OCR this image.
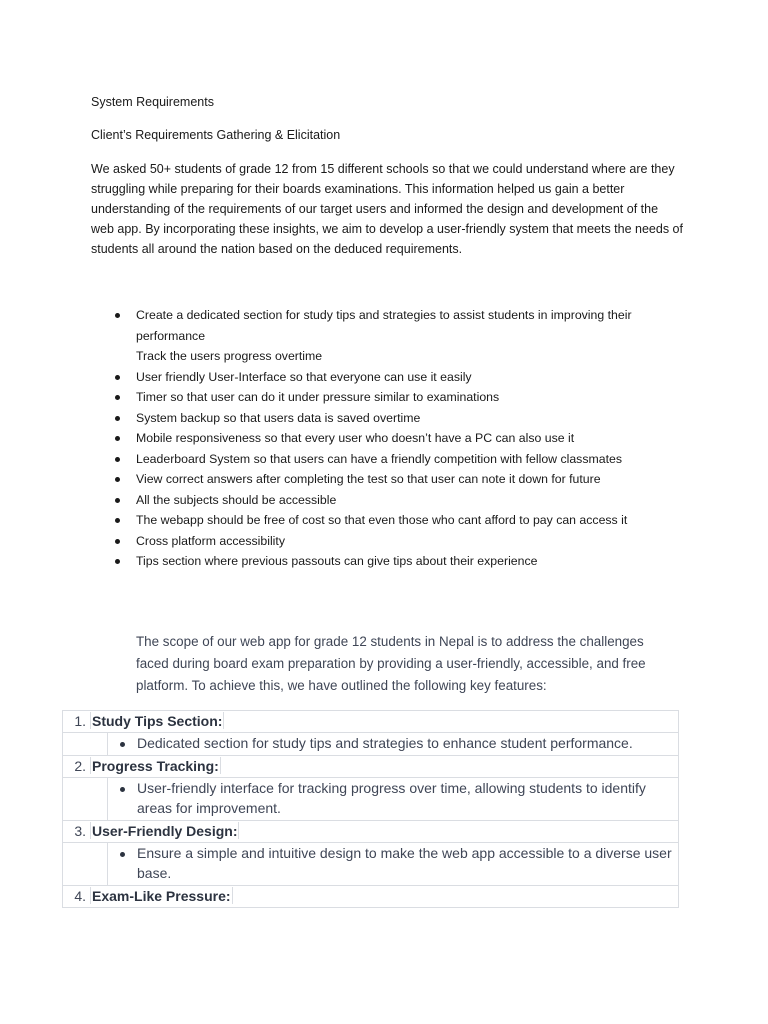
System Requirements
Client’s Requirements Gathering & Elicitation
We asked 50+ students of grade 12 from 15 different schools so that we could understand where are they struggling while preparing for their boards examinations. This information helped us gain a better understanding of the requirements of our target users and informed the design and development of the web app. By incorporating these insights, we aim to develop a user-friendly system that meets the needs of students all around the nation based on the deduced requirements.
Create a dedicated section for study tips and strategies to assist students in improving their performance
Track the users progress overtime
User friendly User-Interface so that everyone can use it easily
Timer so that user can do it under pressure similar to examinations
System backup so that users data is saved overtime
Mobile responsiveness so that every user who doesn’t have a PC can also use it
Leaderboard System so that users can have a friendly competition with fellow classmates
View correct answers after completing the test so that user can note it down for future
All the subjects should be accessible
The webapp should be free of cost so that even those who cant afford to pay can access it
Cross platform accessibility
Tips section where previous passouts can give tips about their experience
The scope of our web app for grade 12 students in Nepal is to address the challenges faced during board exam preparation by providing a user-friendly, accessible, and free platform. To achieve this, we have outlined the following key features:
1. Study Tips Section:
Dedicated section for study tips and strategies to enhance student performance.
2. Progress Tracking:
User-friendly interface for tracking progress over time, allowing students to identify areas for improvement.
3. User-Friendly Design:
Ensure a simple and intuitive design to make the web app accessible to a diverse user base.
4. Exam-Like Pressure:
